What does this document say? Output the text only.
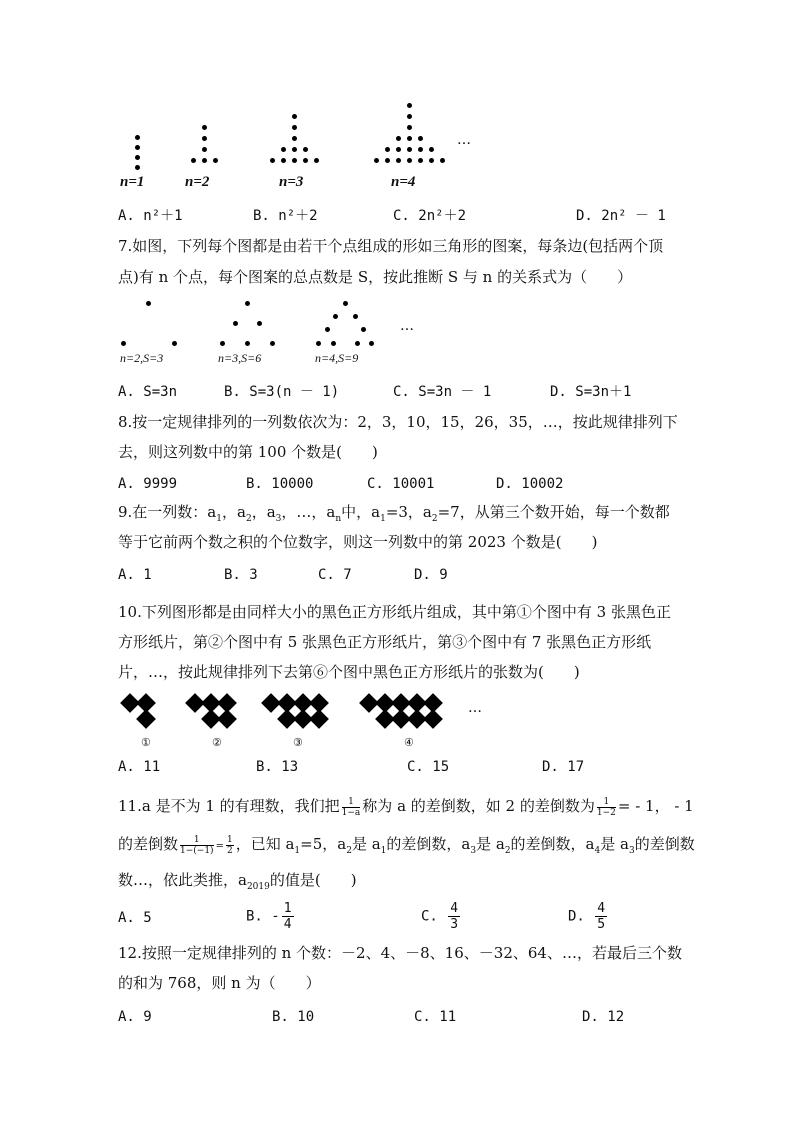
…
n=1	n=2	n=3	n=4
A. n²＋1	B. n²＋2	C. 2n²＋2	D. 2n² － 1
7.如图，下列每个图都是由若干个点组成的形如三角形的图案，每条边(包括两个顶
点)有 n 个点，每个图案的总点数是 S，按此推断 S 与 n 的关系式为（　　）
…
n=2,S=3	n=3,S=6	n=4,S=9
A. S=3n	B. S=3(n － 1)	C. S=3n － 1	D. S=3n＋1
8.按一定规律排列的一列数依次为：2，3，10，15，26，35，…，按此规律排列下
去，则这列数中的第 100 个数是(　　)
A. 9999	B. 10000	C. 10001	D. 10002
9.在一列数：$a_1$，$a_2$，$a_3$，…，$a_n$中，$a_1=3$，$a_2=7$，从第三个数开始，每一个数都
等于它前两个数之积的个位数字，则这一列数中的第 2023 个数是(　　)
A. 1	B. 3	C. 7	D. 9
10.下列图形都是由同样大小的黑色正方形纸片组成，其中第①个图中有 3 张黑色正
方形纸片，第②个图中有 5 张黑色正方形纸片，第③个图中有 7 张黑色正方形纸
片，…，按此规律排列下去第⑥个图中黑色正方形纸片的张数为(　　)
…
①	②	③	④
A. 11	B. 13	C. 15	D. 17
11.a 是不为 1 的有理数，我们把 $\frac{1}{1-a}$ 称为 a 的差倒数，如 2 的差倒数为 $\frac{1}{1-2}$ = - 1， - 1
的差倒数 $\frac{1}{1-(-1)} = \frac{1}{2}$ ，已知 $a_1=5$，$a_2$是 $a_1$的差倒数，$a_3$是 $a_2$的差倒数，$a_4$是 $a_3$的差倒数
数…，依此类推，$a_{2019}$的值是(　　)
A. 5	B. - $\frac{1}{4}$	C. $\frac{4}{3}$	D. $\frac{4}{5}$
12.按照一定规律排列的 n 个数：－2、4、－8、16、－32、64、…，若最后三个数
的和为 768，则 n 为（　　）
A. 9	B. 10	C. 11	D. 12
